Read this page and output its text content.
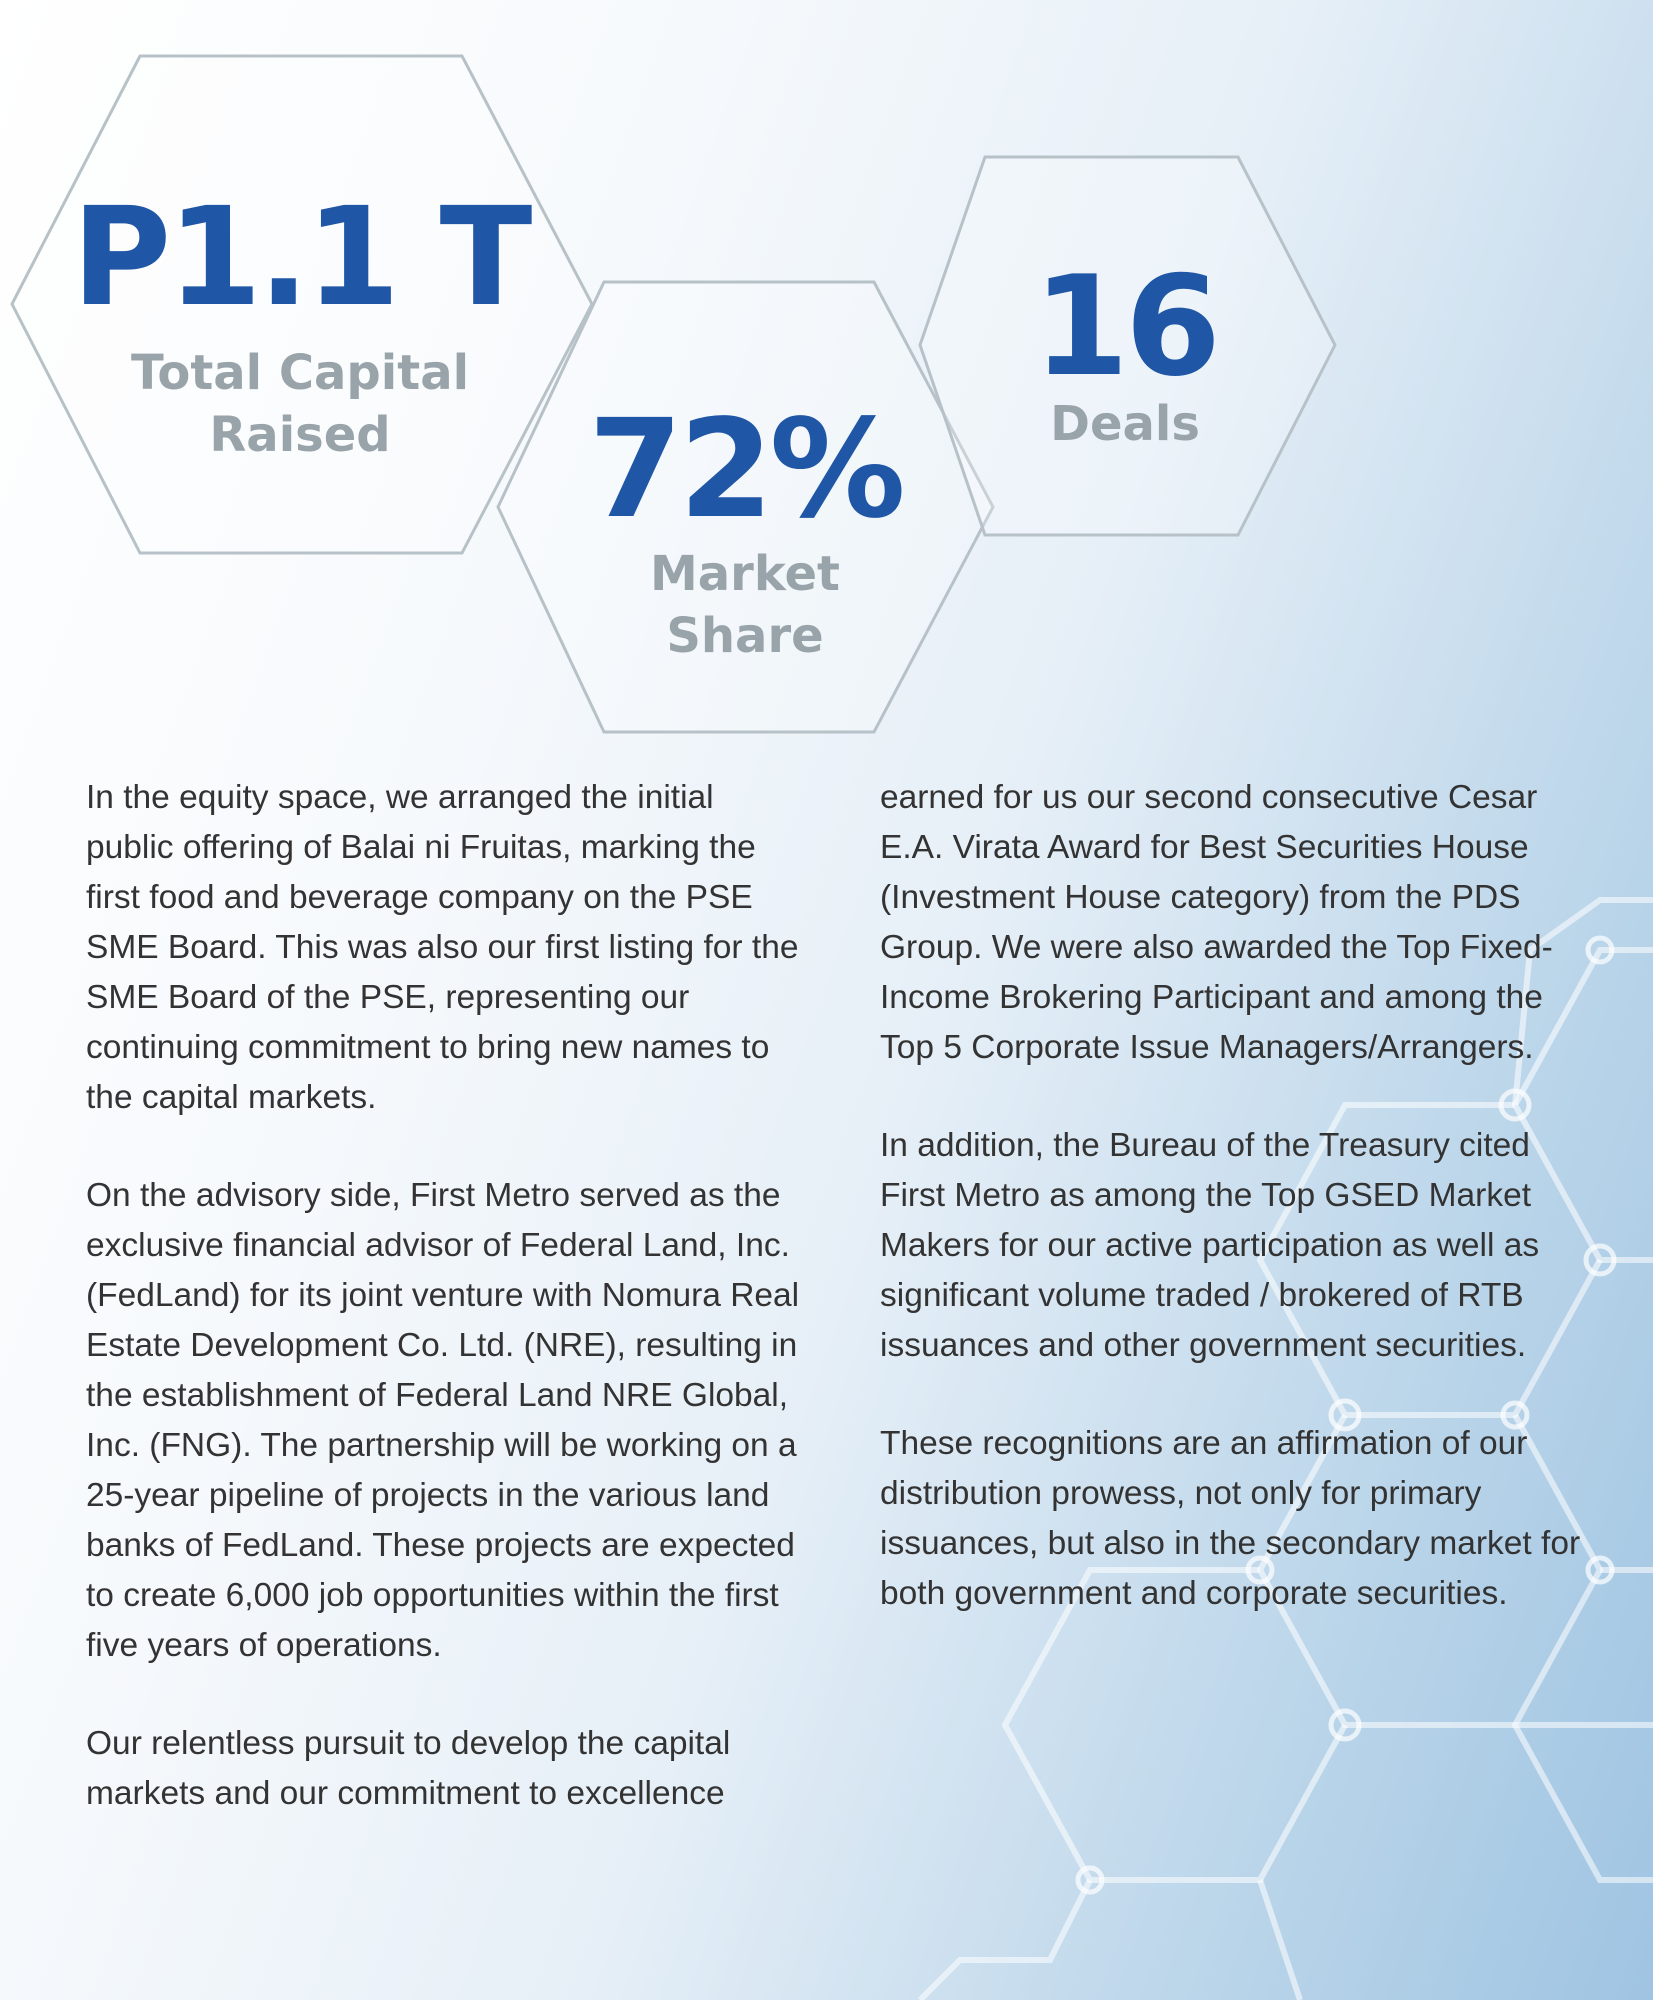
P1.1 T
Total Capital
Raised	72%
Market
Share
16
Deals

In the equity space, we arranged the initial public offering of Balai ni Fruitas, marking the first food and beverage company on the PSE SME Board. This was also our first listing for the SME Board of the PSE, representing our continuing commitment to bring new names to the capital markets.

On the advisory side, First Metro served as the exclusive financial advisor of Federal Land, Inc. (FedLand) for its joint venture with Nomura Real Estate Development Co. Ltd. (NRE), resulting in the establishment of Federal Land NRE Global, Inc. (FNG). The partnership will be working on a 25-year pipeline of projects in the various land banks of FedLand. These projects are expected to create 6,000 job opportunities within the first five years of operations.

Our relentless pursuit to develop the capital markets and our commitment to excellence

earned for us our second consecutive Cesar E.A. Virata Award for Best Securities House (Investment House category) from the PDS Group. We were also awarded the Top Fixed-Income Brokering Participant and among the Top 5 Corporate Issue Managers/Arrangers.

In addition, the Bureau of the Treasury cited First Metro as among the Top GSED Market Makers for our active participation as well as significant volume traded / brokered of RTB issuances and other government securities.

These recognitions are an affirmation of our distribution prowess, not only for primary issuances, but also in the secondary market for both government and corporate securities.
